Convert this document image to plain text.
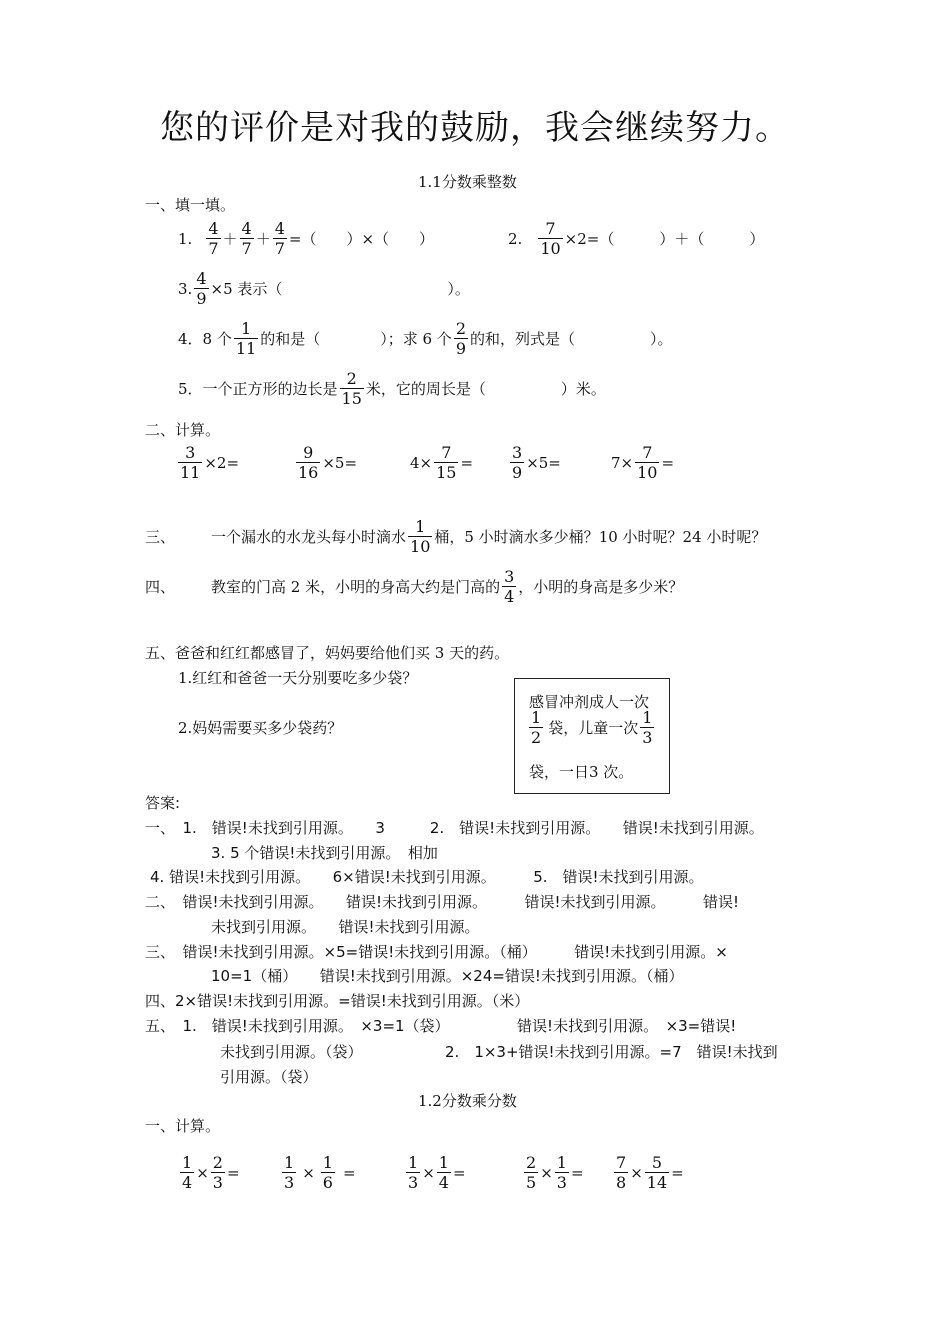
您的评价是对我的鼓励，我会继续努力。
1.1分数乘整数
一、填一填。
1. $\frac{4}{7} + \frac{4}{7} + \frac{4}{7}$ =（　　）×（　　）	2. $\frac{7}{10} \times 2=$（　　　）＋（　　　）
3. $\frac{4}{9} \times 5$ 表示（　　　　　　　　　　　）。
4．8 个 $\frac{1}{11}$ 的和是（　　　　）；求 6 个 $\frac{2}{9}$ 的和，列式是（　　　　　）。
5．一个正方形的边长是 $\frac{2}{15}$ 米，它的周长是（　　　　　）米。
二、计算。
$\frac{3}{11} \times 2=$	$\frac{9}{16} \times 5=$	$4\times \frac{7}{15} = \frac{3}{9} \times 5=$	$7\times \frac{7}{10}$ =
三、	一个漏水的水龙头每小时滴水 $\frac{1}{10}$ 桶，5 小时滴水多少桶？10 小时呢？24 小时呢？
四、	教室的门高 2 米，小明的身高大约是门高的 $\frac{3}{4}$ ，小明的身高是多少米？
五、爸爸和红红都感冒了，妈妈要给他们买 3 天的药。
1.红红和爸爸一天分别要吃多少袋？
2.妈妈需要买多少袋药？
感冒冲剂成人一次
$\frac{1}{2}$ 袋，儿童一次 $\frac{1}{3}$
袋，一日3 次。
答案:
一、　1.　错误!未找到引用源。　　3　　　2.　错误!未找到引用源。　　错误!未找到引用源。
3. 5 个错误!未找到引用源。　相加
4. 错误!未找到引用源。　　6×错误!未找到引用源。　　　5.　错误!未找到引用源。
二、　错误!未找到引用源。　　错误!未找到引用源。　　　错误!未找到引用源。　　　错误!
未找到引用源。　　错误!未找到引用源。
三、　错误!未找到引用源。×5=错误!未找到引用源。（桶）　　　错误!未找到引用源。×
10=1（桶）　　错误!未找到引用源。×24=错误!未找到引用源。（桶）
四、2×错误!未找到引用源。=错误!未找到引用源。（米）
五、　1.　错误!未找到引用源。　×3=1（袋）　　　　　错误!未找到引用源。　×3=错误!
未找到引用源。（袋）　　　　　　2.　1×3+错误!未找到引用源。=7　错误!未找到
引用源。（袋）
1.2分数乘分数
一、计算。
$\frac{1}{4} \times \frac{2}{3}$ =	$\frac{1}{3} \times \frac{1}{6}$ =	$\frac{1}{3} \times \frac{1}{4}$ =	$\frac{2}{5} \times \frac{1}{3} = \frac{7}{8} \times \frac{5}{14}$ =
